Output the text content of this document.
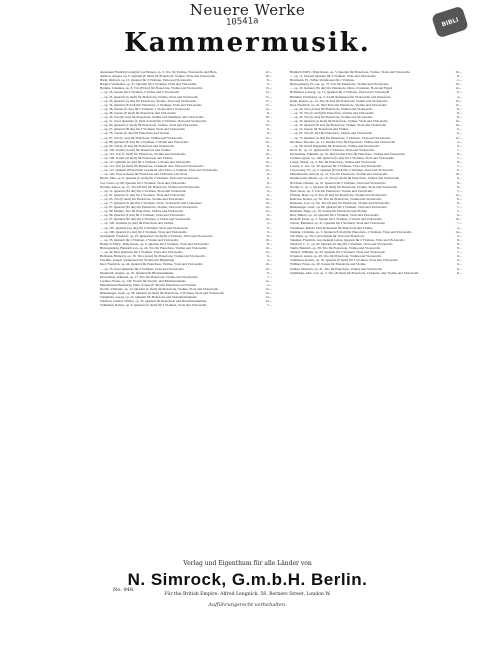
Neuere Werke
10541a	BIBLI
Kammermusik.
12—
Alexander Friedrich Landgraf von Hessen, op. 5. Trio für Violine, Violoncello und Horn
10—
Ambros, August, op. 6. Quartett (F moll) für Pianoforte, Violine, Viola und Violoncello
8—
Barth, Richard, op. 15. Quartett für 2 Violinen, Viola und Violoncello
9—
Bargiel, Woldemar, op. 47. Quartett für 2 Violinen, Viola und Violoncello
15—
Brahms, Johannes, op. 8. Trio (H dur) für Pianoforte, Violine und Violoncello
13—
— op. 18. Sextett für 2 Violinen, 2 Violen und 2 Violoncelli
15—
— op. 25. Quartett (G moll) für Pianoforte, Violine, Viola und Violoncello
17—
— op. 26. Quartett (A dur) für Pianoforte, Violine, Viola und Violoncello
17—
— op. 34. Quintett (F moll) für Pianoforte, 2 Violinen, Viola und Violoncello
12—
— op. 36. Sextett (G dur) für 2 Violinen, 2 Violen und 2 Violoncelli
8—
— op. 38. Sonate (E moll) für Pianoforte und Violoncello
10—
— op. 40. Trio (Es dur) für Pianoforte, Violine und Waldhorn oder Violoncello
9—
— op. 51. Zwei Quartette (C moll, A moll) für 2 Violinen, Viola und Violoncello
15—
— op. 60. Quartett (C moll) für Pianoforte, Violine, Viola und Violoncello
9—
— op. 67. Quartett (B dur) für 2 Violinen, Viola und Violoncello
8—
— op. 78. Sonate (G dur) für Pianoforte und Violine
12—
— op. 87. Trio (C dur) für Pianoforte, Violine und Violoncello
12—
— op. 88. Quintett (F dur) für 2 Violinen, 2 Violen und Violoncello
8—
— op. 99. Sonate (F dur) für Pianoforte und Violoncello
8—
— op. 100. Sonate (A dur) für Pianoforte und Violine
10—
— op. 101. Trio (C moll) für Pianoforte, Violine und Violoncello
8—
— op. 108. Sonate (D moll) für Pianoforte und Violine
12—
— op. 111. Quintett (G dur) für 2 Violinen, 2 Violen und Violoncello
10—
— op. 114. Trio (A moll) für Pianoforte, Clarinette oder Viola und Violoncello
12—
— op. 115. Quintett (H moll) für Clarinette oder Viola, 2 Violinen, Viola und Violoncello
8—
— op. 120. Zwei Sonaten für Pianoforte und Clarinette oder Viola
6—
Bruch, Max, op. 9. Quartett (C moll) für 2 Violinen, Viola und Violoncello
8—
Cui, César, op. 68. Quartett für 2 Violinen, Viola und Violoncello
12—
Dvořák, Anton, op. 21. Trio (B dur) für Pianoforte, Violine und Violoncello
9—
— op. 51. Quartett (Es dur) für 2 Violinen, Viola und Violoncello
9—
— op. 61. Quartett (C dur) für 2 Violinen, Viola und Violoncello
12—
— op. 65. Trio (F moll) für Pianoforte, Violine und Violoncello
10—
— op. 77. Quintett (G dur) für 2 Violinen, Viola, Violoncello und Contrabass
12—
— op. 87. Quartett (Es dur) für Pianoforte, Violine, Viola und Violoncello
12—
— op. 90. Dumky, Trio für Pianoforte, Violine und Violoncello
8—
— op. 96. Quartett (F dur) für 2 Violinen, Viola und Violoncello
10—
— op. 97. Quintett (Es dur) für 2 Violinen, 2 Violen und Violoncello
5—
— op. 100. Sonatine (G dur) für Pianoforte und Violine
9—
— op. 105. Quartett (As dur) für 2 Violinen, Viola und Violoncello
9—
— op. 106. Quartett (G dur) für 2 Violinen, Viola und Violoncello
8—
Gernsheim, Friedrich, op. 25. Quartett (C moll) für 2 Violinen, Viola und Violoncello
10—
— op. 35. Quintett für 2 Violinen, 2 Violen und Violoncello
8—
Heinrich XXIV., Prinz Reuss, op. 4. Quartett für 2 Violinen, Viola und Violoncello
10—
Herzogenberg, Heinrich von, op. 24. Trio für Pianoforte, Violine und Violoncello
15—
— op. 42. Drei Quartette für 2 Violinen, Viola und Violoncello
9—
Hofmann, Heinrich, op. 18. Trio (A dur) für Pianoforte, Violine und Violoncello
4—
Joachim, Joseph, Variationen für Violine mit Begleitung
10—
Kiel, Friedrich, op. 44. Quartett für Pianoforte, Violine, Viola und Violoncello
12—
— op. 53. Zwei Quartette für 2 Violinen, Viola und Violoncello
9—
Klughardt, August, op. 47. Quintett für Blasinstrumente
7—
Kretschmer, Edmund, op. 17. Trio für Pianoforte, Violine und Violoncello
12—
Lachner, Franz, op. 120. Nonett für Streich- und Blasinstrumente
5—
Mendelssohn Bartholdy, Felix, Sonate (F dur) für Pianoforte und Violine
12—
Novák, Vítězslav, op. 12. Quartett (C moll) für Pianoforte, Violine, Viola und Violoncello
12—
Rheinberger, Josef, op. 38. Quintett (A moll) für Pianoforte, 2 Violinen, Viola und Violoncello
13—
Schumann, Georg, op. 25. Quintett für Pianoforte und Streichinstrumente
12—
Stanford, Charles Villiers, op. 35. Quintett für Pianoforte und Streichinstrumente
7—
Volkmann, Robert, op. 9. Quartett (G moll) für 2 Violinen, Viola und Violoncello
10—
Heinrich XXIV., Prinz Reuss, op. 3. Quartett für Pianoforte, Violine, Viola und Violoncello
8—
— op. 11. Zweites Quartett für 2 Violinen, Viola und Violoncello
2—
Herrmann, Fr., Triller-Variationen für 2 Violinen
10—
Herzogenberg, H. von, op. 27. Trio für Pianoforte, Violine und Violoncello
12—
— op. 43. Quintett (Es dur) für Pianoforte, Oboe, Clarinette, Horn und Fagott
9—
Hoffmann, Ludwig, op. 15. Quintett für 2 Violinen, Viola und 2 Violoncelli
4—
Hummel, Ferdinand, op. 3. Zwölf Romanzen für Violoncello und Pianoforte
10—
Kahn, Robert, op. 14. Trio (E dur) für Pianoforte, Violine und Violoncello
15—
Kiel, Friedrich, op. 22. Drei Trios für Pianoforte, Violine und Violoncello
8—
— op. 24. Trio (A dur) für Pianoforte, Violine und Violoncello
8—
— op. 33. Trio (C moll) für Pianoforte, Violine und Violoncello
8—
— op. 34. Trio (G dur) für Pianoforte, Violine und Violoncello
10—
— op. 43. Quartett (A moll) für Pianoforte, Violine, Viola und Violoncello
10—
— op. 50. Quartett (E dur) für Pianoforte, Violine, Viola und Violoncello
6—
— op. 52. Sonate für Pianoforte und Violine
9—
— op. 65. Trio (E dur) für Pianoforte, Violine und Violoncello
12—
— op. 75. Quintett (A dur) für Pianoforte, 2 Violinen, Viola und Violoncello
4—
Kirchner, Theodor, op. 15. Kinder-Trios für Pianoforte, Violine und Violoncello
6—
— op. 58. Zwölf Bagatellen für Pianoforte, Violine und Violoncello
7—
Kroll, Fr., op. 21. Quartett für 2 Violinen, Viola und Violoncello
8—
Kretschmer, Edmund, op. 29. Drei leichte Trios für Pianoforte, Violine und Violoncello
7—
Lachner, Ignaz, op. 104. Quartett (G dur) für 2 Violinen, Viola und Violoncello
8—
Lange, Walter, op. 4. Trio für Pianoforte, Violine und Violoncello
7—
Lorenz, C. Ad., op. 30. Quartett für 2 Violinen, Viola und Violoncello
6—
Lawrowsky, W., op. 2. Quartett (D moll) für 2 Violinen, Viola und Violoncello
10—
Mendelssohn, Arnold, op. 21. Trio für Pianoforte, Violine und Violoncello
9—
Moszkowski, Moritz, op. 13. Trio (G moll) für Pianoforte, Violine und Violoncello
8—
Nováček, Ottokar, op. 10. Quartett für 2 Violinen, Viola und Violoncello
8—
Novák, V., op. 1. Quartett (D moll) für Pianoforte, Violine, Viola und Violoncello
7—
Paul, Oscar, op. 5. Trio für Pianoforte, Violine und Violoncello
12—
Pfitzner, Hans, op. 8. Trio (F dur) für Pianoforte, Violine und Violoncello
8—
Radecke, Robert, op. 30. Trio für Pianoforte, Violine und Violoncello
9—
Reinecke, Carl, op. 84. Trio (D dur) für Pianoforte, Violine und Violoncello
7—
Rheinberger, Josef, op. 89. Quartett für 2 Violinen, Viola und Violoncello
5—
Riemann, Hugo, op. 18. Sonate für Pianoforte und Violine
6—
Ries, Hubert, op. 14. Quartett für 2 Violinen, Viola und Violoncello
10—
Rudorff, Ernst, op. 5. Sextett für 3 Violinen, 2 Violen und Violoncello
7—
Scholz, Bernhard, op. 47. Quartett für 2 Violinen, Viola und Violoncello
4—
Schumann, Robert, Drei Romanzen für Pianoforte und Violine
14—
Sinding, Christian, op. 5. Quintett (E moll) für Pianoforte, 2 Violinen, Viola und Violoncello
4—
Sitt, Hans, op. 29. Concertstück für Viola mit Pianoforte
8—
Smetana, Friedrich, Aus meinem Leben, Quartett für 2 Violinen, Viola und Violoncello
8—
Stanford, C. V., op. 64. Quartett (G dur) für 2 Violinen, Viola und Violoncello
8—
Stiehl, Heinrich, op. 38. Trio für Pianoforte, Violine und Violoncello
7—
Taubert, Wilhelm, op. 63. Quartett für 2 Violinen, Viola und Violoncello
9—
Urspruch, Anton, op. 29. Trio für Pianoforte, Violine und Violoncello
6—
Volkmann, Robert, op. 35. Quartett (F moll) für 2 Violinen, Viola und Violoncello
6—
Wüllner, Franz, op. 30. Sonate für Pianoforte und Violine
9—
Zöllner, Heinrich, op. 41. Trio für Pianoforte, Violine und Violoncello
8—
Zemlinsky, Alex. von, op. 3. Trio (D moll) für Pianoforte, Clarinette oder Violine und Violoncello
Verlag und Eigenthum für alle Länder von
N. Simrock, G.m.b.H. Berlin.
No. 948.
Für the British Empire: Alfred Lengnick, 58, Berners Street, London W.
Aufführungsrecht vorbehalten.
